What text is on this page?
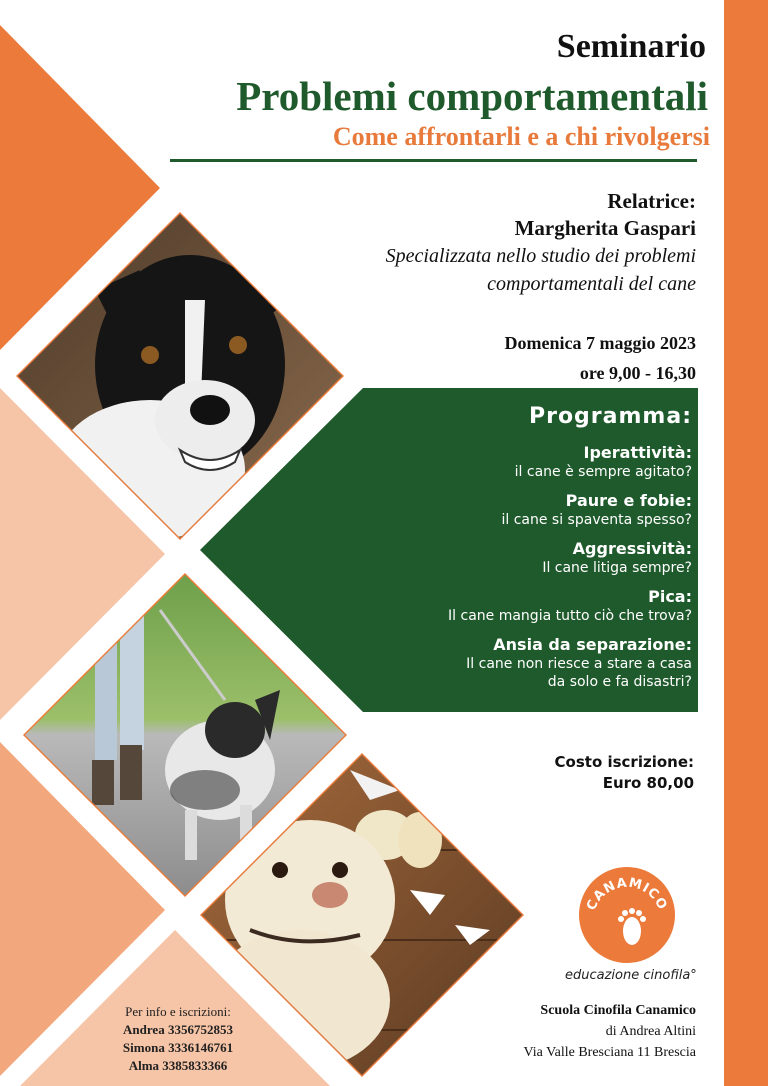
Seminario
Problemi comportamentali
Come affrontarli e a chi rivolgersi
Relatrice:
Margherita Gaspari
Specializzata nello studio dei problemi
comportamentali del cane
Domenica 7 maggio 2023
ore 9,00 - 16,30
Programma:
Iperattività:
il cane è sempre agitato?
Paure e fobie:
il cane si spaventa spesso?
Aggressività:
Il cane litiga sempre?
Pica:
Il cane mangia tutto ciò che trova?
Ansia da separazione:
Il cane non riesce a stare a casa
da solo e fa disastri?
Costo iscrizione:
Euro 80,00
CANAMICO
educazione cinofila°
Scuola Cinofila Canamico
di Andrea Altini
Via Valle Bresciana 11 Brescia
Per info e iscrizioni:
Andrea 3356752853
Simona 3336146761
Alma 3385833366
